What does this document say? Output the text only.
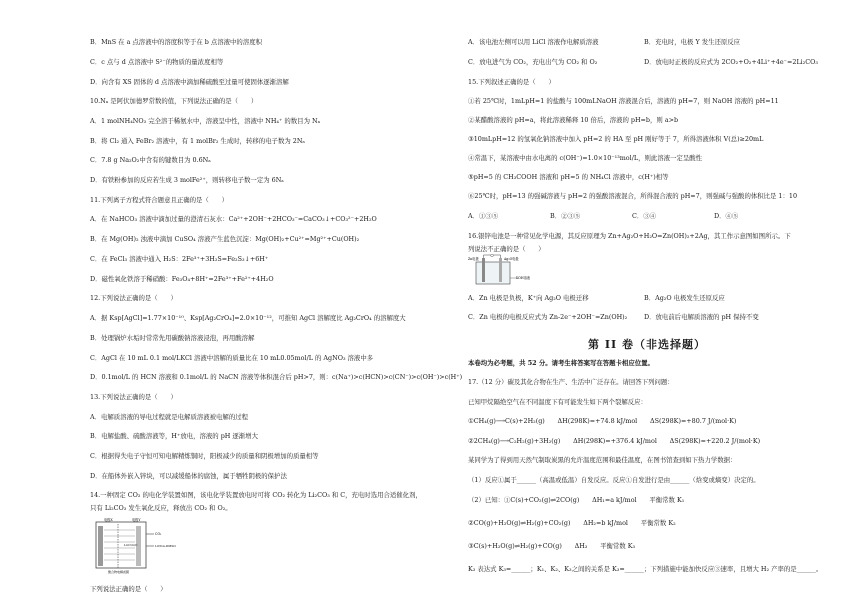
B．MnS 在 a 点溶液中的溶度积等于在 b 点溶液中的溶度积
C．c 点与 d 点溶液中 S²⁻的物质的量浓度相等
D．向含有 XS 固体的 d 点溶液中滴加稀硫酸至过量可使固体逐渐溶解
10.Nₐ 是阿伏加德罗常数的值，下列说法正确的是（　　）
A．1 molNH₄NO₃ 完全溶于稀氨水中，溶液呈中性，溶液中 NH₄⁺ 的数目为 Nₐ
B．将 Cl₂ 通入 FeBr₂ 溶液中，有 1 molBr₂ 生成时，转移的电子数为 2Nₐ
C．7.8 g Na₂O₂中含有的键数目为 0.6Nₐ
D．有铁粉参加的反应若生成 3 molFe²⁺，则转移电子数一定为 6Nₐ
11.下列离子方程式符合题意且正确的是（　　）
A．在 NaHCO₃ 溶液中滴加过量的澄清石灰水：Ca²⁺+2OH⁻+2HCO₃⁻=CaCO₃↓+CO₃²⁻+2H₂O
B．在 Mg(OH)₂ 浊液中滴加 CuSO₄ 溶液产生蓝色沉淀：Mg(OH)₂+Cu²⁺=Mg²⁺+Cu(OH)₂
C．在 FeCl₃ 溶液中通入 H₂S：2Fe³⁺+3H₂S=Fe₂S₃↓+6H⁺
D．磁性氧化铁溶于稀硝酸：Fe₃O₄+8H⁺=2Fe³⁺+Fe²⁺+4H₂O
12.下列说法正确的是（　　）
A．据 Ksp[AgCl]=1.77×10⁻¹⁰、Ksp[Ag₂CrO₄]=2.0×10⁻¹²，可推知 AgCl 溶解度比 Ag₂CrO₄ 的溶解度大
B．处理锅炉水垢时常常先用碳酸钠溶液浸泡，再用酸溶解
C．AgCl 在 10 mL 0.1 mol/LKCl 溶液中溶解的质量比在 10 mL0.05mol/L 的 AgNO₃ 溶液中多
D．0.1mol/L 的 HCN 溶液和 0.1mol/L 的 NaCN 溶液等体积混合后 pH>7，则：c(Na⁺)>c(HCN)>c(CN⁻)>c(OH⁻)>c(H⁺)
13.下列说法正确的是（　　）
A．电解质溶液的导电过程就是电解质溶液被电解的过程
B．电解盐酸、硫酸溶液等，H⁺放电，溶液的 pH 逐渐增大
C．根据得失电子守恒可知电解精炼铜时，阳极减少的质量和阴极增加的质量相等
D．在船体外嵌入锌块，可以减缓船体的腐蚀，属于牺牲阴极的保护法
14.一种固定 CO₂ 的电化学装置如图，该电化学装置放电时可将 CO₂ 转化为 Li₂CO₃ 和 C，充电时选用合适催化剂，
只有 Li₂CO₃ 发生氧化反应，释放出 CO₂ 和 O₂。
电极X	电极Y
CO₂
Li₂CO₃/C	LiClO₄-DMSO
聚合物电解质膜
下列说法正确的是（　　）
A．该电池左侧可以用 LiCl 溶液作电解质溶液	B．充电时，电极 Y 发生还原反应
C．放电进气为 CO₂，充电出气为 CO₂ 和 O₂	D．放电时正极的反应式为 2CO₂+O₂+4Li⁺+4e⁻=2Li₂CO₃
15.下列叙述正确的是（　　）
①若 25℃时，1mLpH=1 的盐酸与 100mLNaOH 溶液混合后，溶液的 pH=7，则 NaOH 溶液的 pH=11
②某醋酸溶液的 pH=a，将此溶液稀释 10 倍后，溶液的 pH=b，则 a>b
③10mLpH=12 的氢氧化钠溶液中加入 pH=2 的 HA 至 pH 刚好等于 7，所得溶液体积 V(总)≥20mL
④常温下，某溶液中由水电离的 c(OH⁻)=1.0×10⁻¹³mol/L，则此溶液一定呈酸性
⑤pH=5 的 CH₃COOH 溶液和 pH=5 的 NH₄Cl 溶液中，c(H⁺)相等
⑥25℃时，pH=13 的强碱溶液与 pH=2 的强酸溶液混合，所得混合液的 pH=7，则强碱与强酸的体积比是 1：10
A．①③⑤	B．②③⑤	C．③④	D．④⑤
16.银锌电池是一种常见化学电源，其反应原理为 Zn+Ag₂O+H₂O=Zn(OH)₂+2Ag，其工作示意图如图所示。下
列说法不正确的是（　　）
Zn电极	Ag₂O电极
KOH溶液
A．Zn 电极是负极，K⁺向 Ag₂O 电极迁移	B．Ag₂O 电极发生还原反应
C．Zn 电极的电极反应式为 Zn-2e⁻+2OH⁻=Zn(OH)₂	D．放电前后电解质溶液的 pH 保持不变
第 II 卷（非选择题）
本卷均为必考题，共 52 分。请考生将答案写在答题卡相应位置。
17.（12 分）碳及其化合物在生产、生活中广泛存在。请回答下列问题：
已知甲烷隔绝空气在不同温度下有可能发生如下两个裂解反应：
①CH₄(g)⟶C(s)+2H₂(g)　　ΔH(298K)=+74.8 kJ/mol　　ΔS(298K)=+80.7 J/(mol·K)
②2CH₄(g)⟶C₂H₂(g)+3H₂(g)　　ΔH(298K)=+376.4 kJ/mol　　ΔS(298K)=+220.2 J/(mol·K)
某同学为了得到用天然气制取炭黑的允许温度范围和最佳温度，在图书馆查到如下热力学数据：
（1）反应①属于______（高温或低温）自发反应。反应①自发进行是由______（焓变或熵变）决定的。
（2）已知：①C(s)+CO₂(g)⇌2CO(g)　　ΔH₁=a kJ/mol　　平衡常数 K₁
②CO(g)+H₂O(g)⇌H₂(g)+CO₂(g)　　ΔH₂=b kJ/mol　　平衡常数 K₂
③C(s)+H₂O(g)⇌H₂(g)+CO(g)　　ΔH₃　　平衡常数 K₃
K₃ 表达式 K₃=______；K₁、K₂、K₃之间的关系是 K₃=______；下列措施中能加快反应③速率，且增大 H₂ 产率的是______。
